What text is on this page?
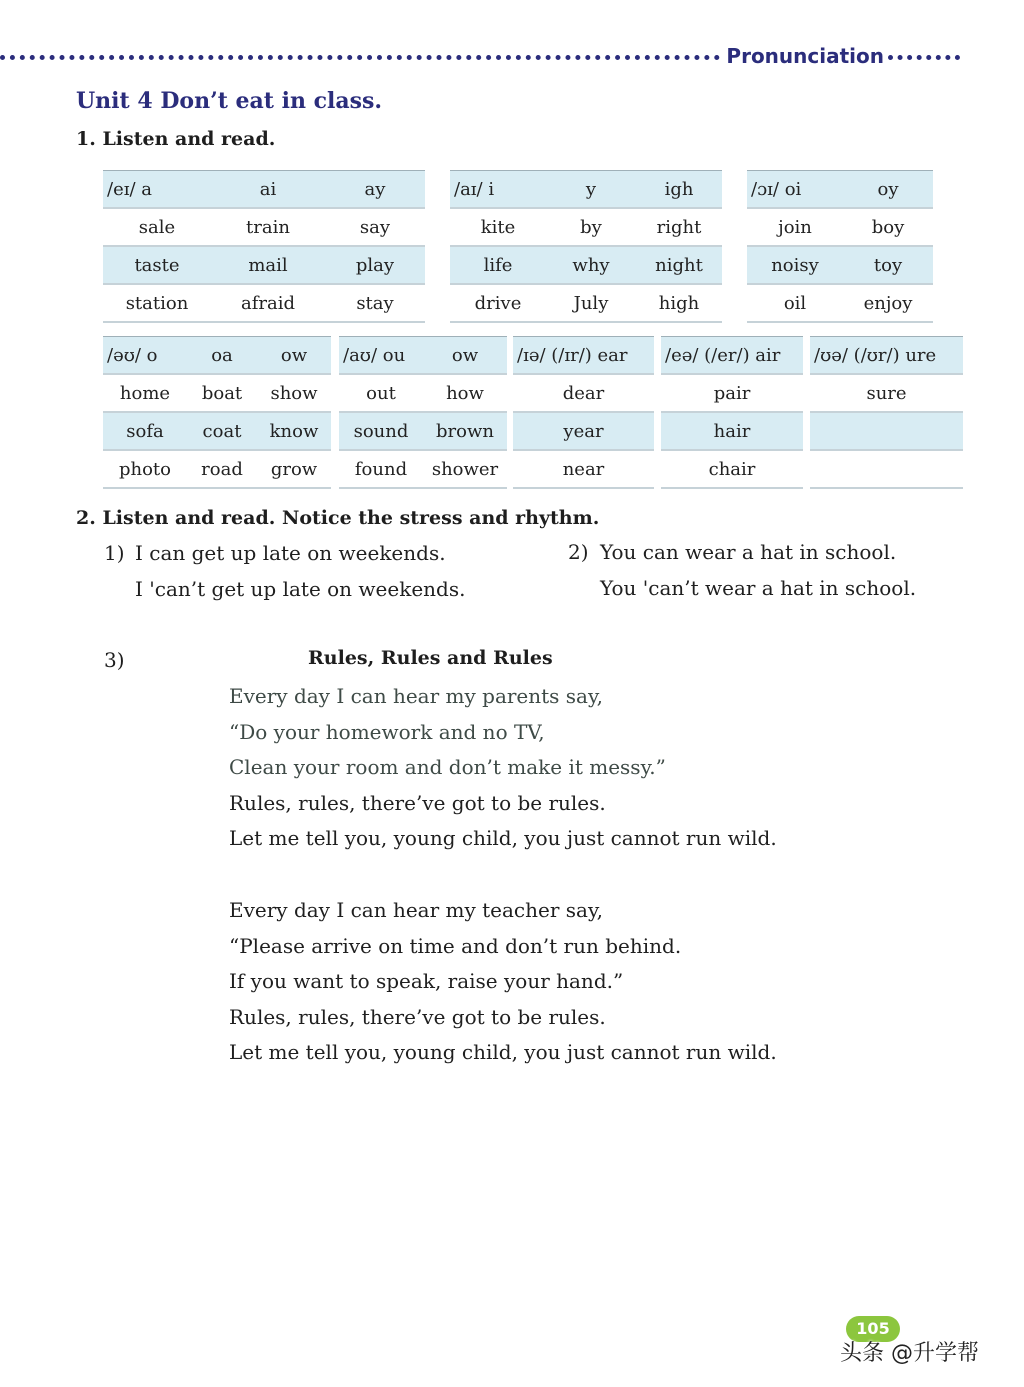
Pronunciation
Unit 4 Don’t eat in class.
1. Listen and read.
/eɪ/ a	ai	ay
sale	train	say
taste	mail	play
station	afraid	stay
/aɪ/ i	y	igh
kite	by	right
life	why	night
drive	July	high
/ɔɪ/ oi	oy
join	boy
noisy	toy
oil	enjoy
/əʊ/ o	oa	ow
home	boat	show
sofa	coat	know
photo	road	grow
/aʊ/ ou	ow
out	how
sound	brown
found	shower
/ɪə/ (/ɪr/) ear
dear
year
near
/eə/ (/er/) air
pair
hair
chair
/ʊə/ (/ʊr/) ure
sure

2. Listen and read. Notice the stress and rhythm.

1) I can get up late on weekends.

I 'can’t get up late on weekends.

2) You can wear a hat in school.

You 'can’t wear a hat in school.

3)	Rules, Rules and Rules
Every day I can hear my parents say,
“Do your homework and no TV,
Clean your room and don’t make it messy.”
Rules, rules, there’ve got to be rules.
Let me tell you, young child, you just cannot run wild.
Every day I can hear my teacher say,
“Please arrive on time and don’t run behind.
If you want to speak, raise your hand.”
Rules, rules, there’ve got to be rules.
Let me tell you, young child, you just cannot run wild.
105
头条 @升学帮
